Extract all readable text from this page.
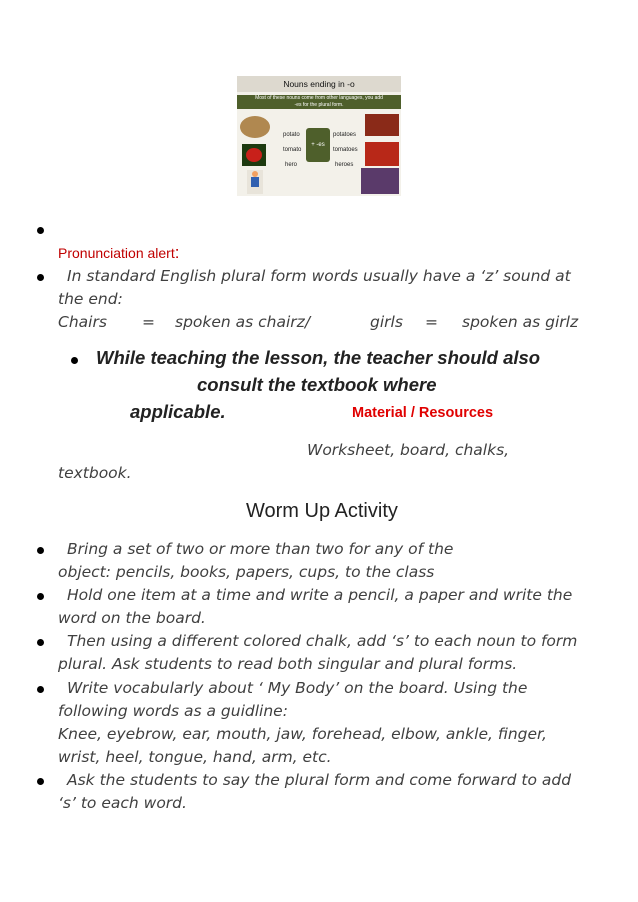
Nouns ending in -o
Most of these nouns come from other languages, you add
-es for the plural form.
potato
tomato
hero
+ -es
potatoes
tomatoes
heroes
Pronunciation alert:
In standard English plural form words usually have a ‘z’ sound at
the end:
Chairs = spoken as chairz/	girls = spoken as girlz
While teaching the lesson, the teacher should also
consult the textbook where
applicable.	Material / Resources
Worksheet, board, chalks,
textbook.
Worm Up Activity
Bring a set of two or more than two for any of the
object: pencils, books, papers, cups, to the class
Hold one item at a time and write a pencil, a paper and write the
word on the board.
Then using a different colored chalk, add ‘s’ to each noun to form
plural. Ask students to read both singular and plural forms.
Write vocabularly about ‘ My Body’ on the board. Using the
following words as a guidline:
Knee, eyebrow, ear, mouth, jaw, forehead, elbow, ankle, finger,
wrist, heel, tongue, hand, arm, etc.
Ask the students to say the plural form and come forward to add
‘s’ to each word.
